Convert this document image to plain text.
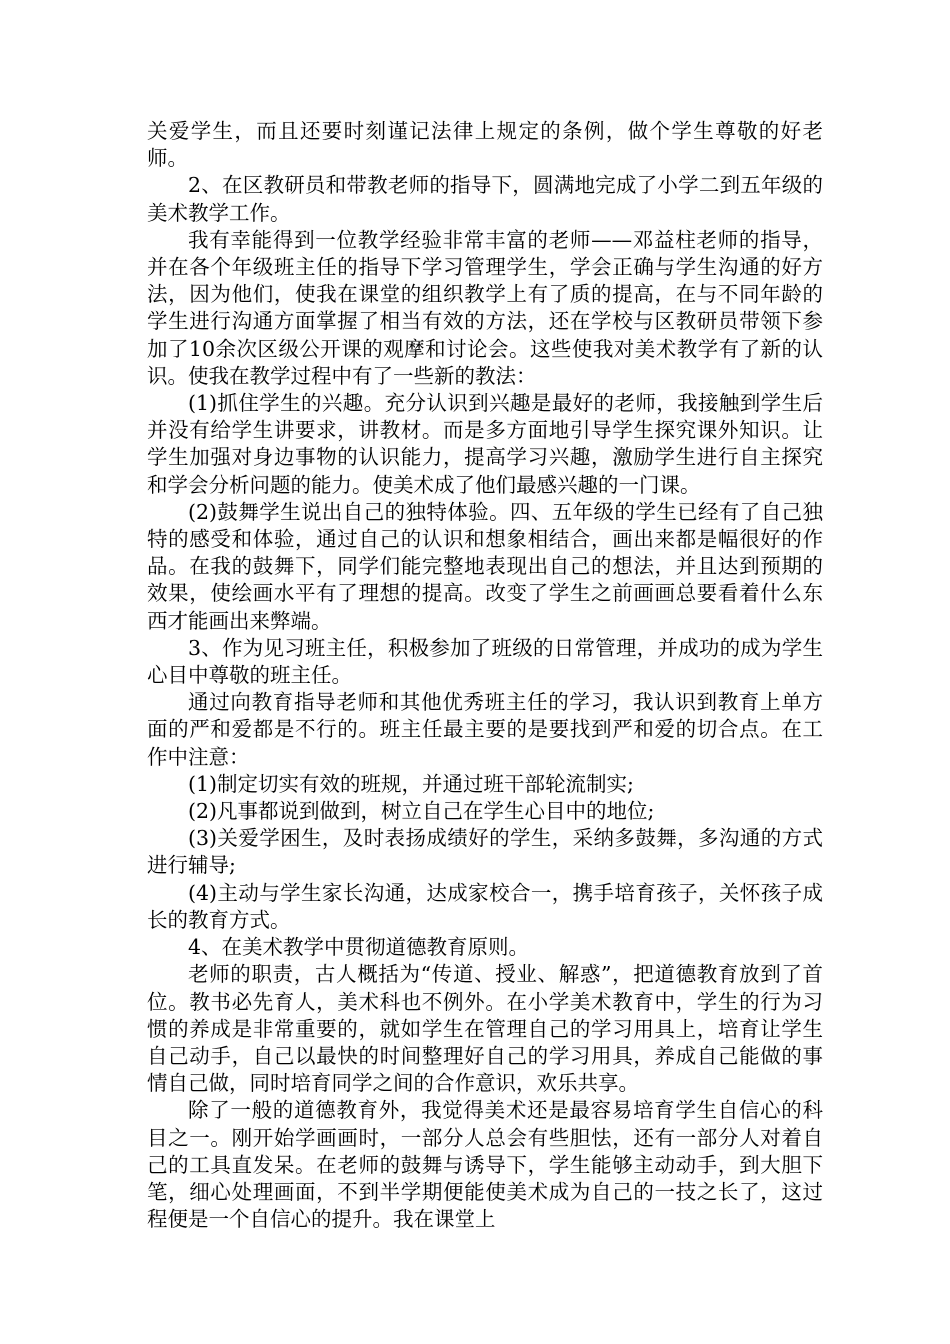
关爱学生，而且还要时刻谨记法律上规定的条例，做个学生尊敬的好老师。

2、在区教研员和带教老师的指导下，圆满地完成了小学二到五年级的美术教学工作。

我有幸能得到一位教学经验非常丰富的老师——邓益柱老师的指导，并在各个年级班主任的指导下学习管理学生，学会正确与学生沟通的好方法，因为他们，使我在课堂的组织教学上有了质的提高，在与不同年龄的学生进行沟通方面掌握了相当有效的方法，还在学校与区教研员带领下参加了10余次区级公开课的观摩和讨论会。这些使我对美术教学有了新的认识。使我在教学过程中有了一些新的教法：

(1)抓住学生的兴趣。充分认识到兴趣是最好的老师，我接触到学生后并没有给学生讲要求，讲教材。而是多方面地引导学生探究课外知识。让学生加强对身边事物的认识能力，提高学习兴趣，激励学生进行自主探究和学会分析问题的能力。使美术成了他们最感兴趣的一门课。

(2)鼓舞学生说出自己的独特体验。四、五年级的学生已经有了自己独特的感受和体验，通过自己的认识和想象相结合，画出来都是幅很好的作品。在我的鼓舞下，同学们能完整地表现出自己的想法，并且达到预期的效果，使绘画水平有了理想的提高。改变了学生之前画画总要看着什么东西才能画出来弊端。

3、作为见习班主任，积极参加了班级的日常管理，并成功的成为学生心目中尊敬的班主任。

通过向教育指导老师和其他优秀班主任的学习，我认识到教育上单方面的严和爱都是不行的。班主任最主要的是要找到严和爱的切合点。在工作中注意：

(1)制定切实有效的班规，并通过班干部轮流制实;

(2)凡事都说到做到，树立自己在学生心目中的地位;

(3)关爱学困生，及时表扬成绩好的学生，采纳多鼓舞，多沟通的方式进行辅导;

(4)主动与学生家长沟通，达成家校合一，携手培育孩子，关怀孩子成长的教育方式。

4、在美术教学中贯彻道德教育原则。

老师的职责，古人概括为“传道、授业、解惑”，把道德教育放到了首位。教书必先育人，美术科也不例外。在小学美术教育中，学生的行为习惯的养成是非常重要的，就如学生在管理自己的学习用具上，培育让学生自己动手，自己以最快的时间整理好自己的学习用具，养成自己能做的事情自己做，同时培育同学之间的合作意识，欢乐共享。

除了一般的道德教育外，我觉得美术还是最容易培育学生自信心的科目之一。刚开始学画画时，一部分人总会有些胆怯，还有一部分人对着自己的工具直发呆。在老师的鼓舞与诱导下，学生能够主动动手，到大胆下笔，细心处理画面，不到半学期便能使美术成为自己的一技之长了，这过程便是一个自信心的提升。我在课堂上
